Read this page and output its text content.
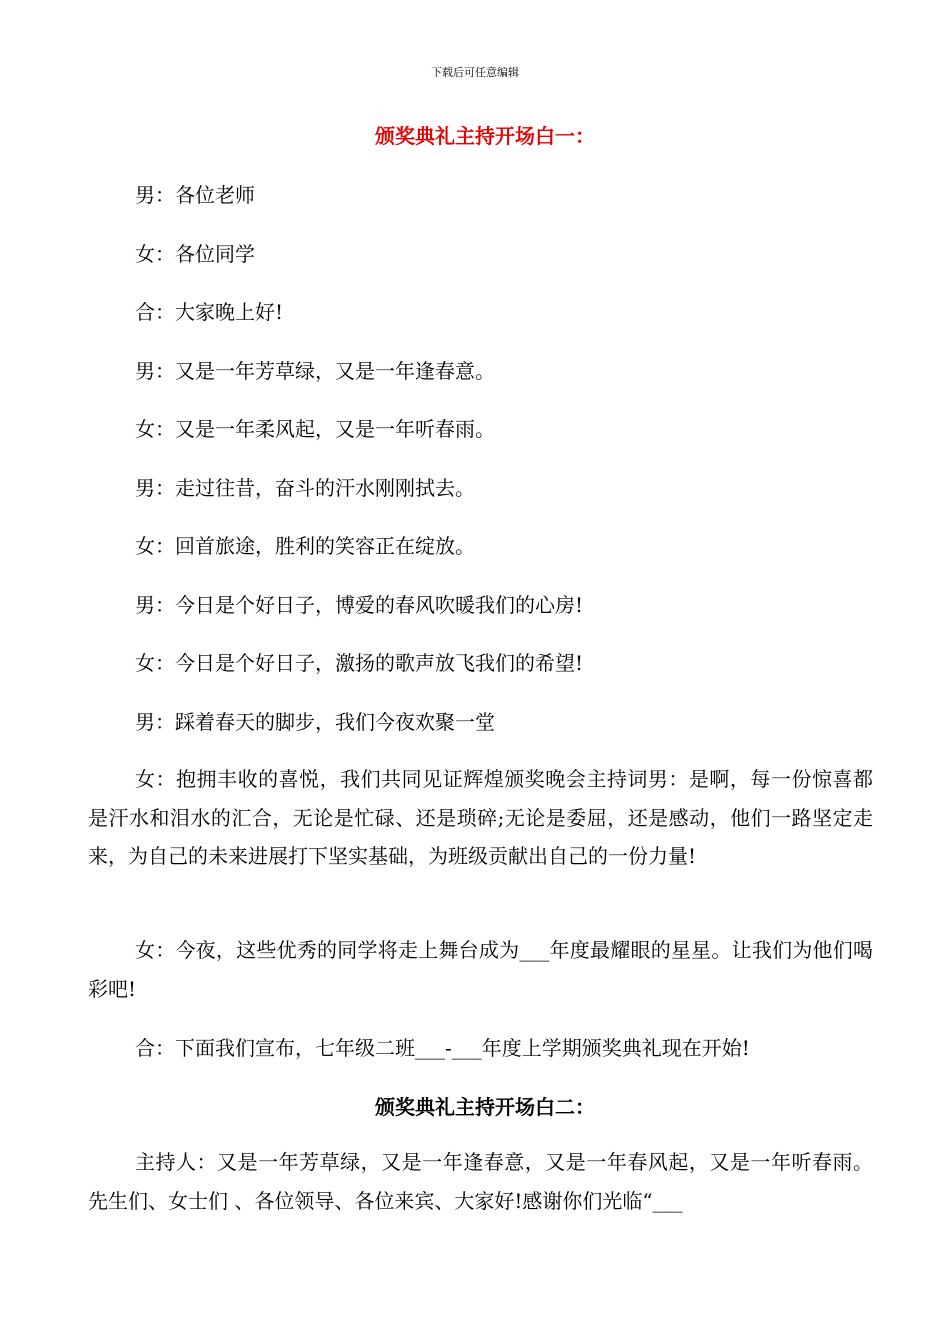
下载后可任意编辑
颁奖典礼主持开场白一：
男：各位老师
女：各位同学
合：大家晚上好!
男：又是一年芳草绿，又是一年逢春意。
女：又是一年柔风起，又是一年听春雨。
男：走过往昔，奋斗的汗水刚刚拭去。
女：回首旅途，胜利的笑容正在绽放。
男：今日是个好日子，博爱的春风吹暖我们的心房!
女：今日是个好日子，激扬的歌声放飞我们的希望!
男：踩着春天的脚步，我们今夜欢聚一堂
女：抱拥丰收的喜悦，我们共同见证辉煌颁奖晚会主持词男：是啊，每一份惊喜都是汗水和泪水的汇合，无论是忙碌、还是琐碎;无论是委屈，还是感动，他们一路坚定走来，为自己的未来进展打下坚实基础，为班级贡献出自己的一份力量!
女：今夜，这些优秀的同学将走上舞台成为___年度最耀眼的星星。让我们为他们喝彩吧!
合：下面我们宣布，七年级二班___-___年度上学期颁奖典礼现在开始!
颁奖典礼主持开场白二：
主持人：又是一年芳草绿，又是一年逢春意，又是一年春风起，又是一年听春雨。先生们、女士们 、各位领导、各位来宾、大家好!感谢你们光临“___
